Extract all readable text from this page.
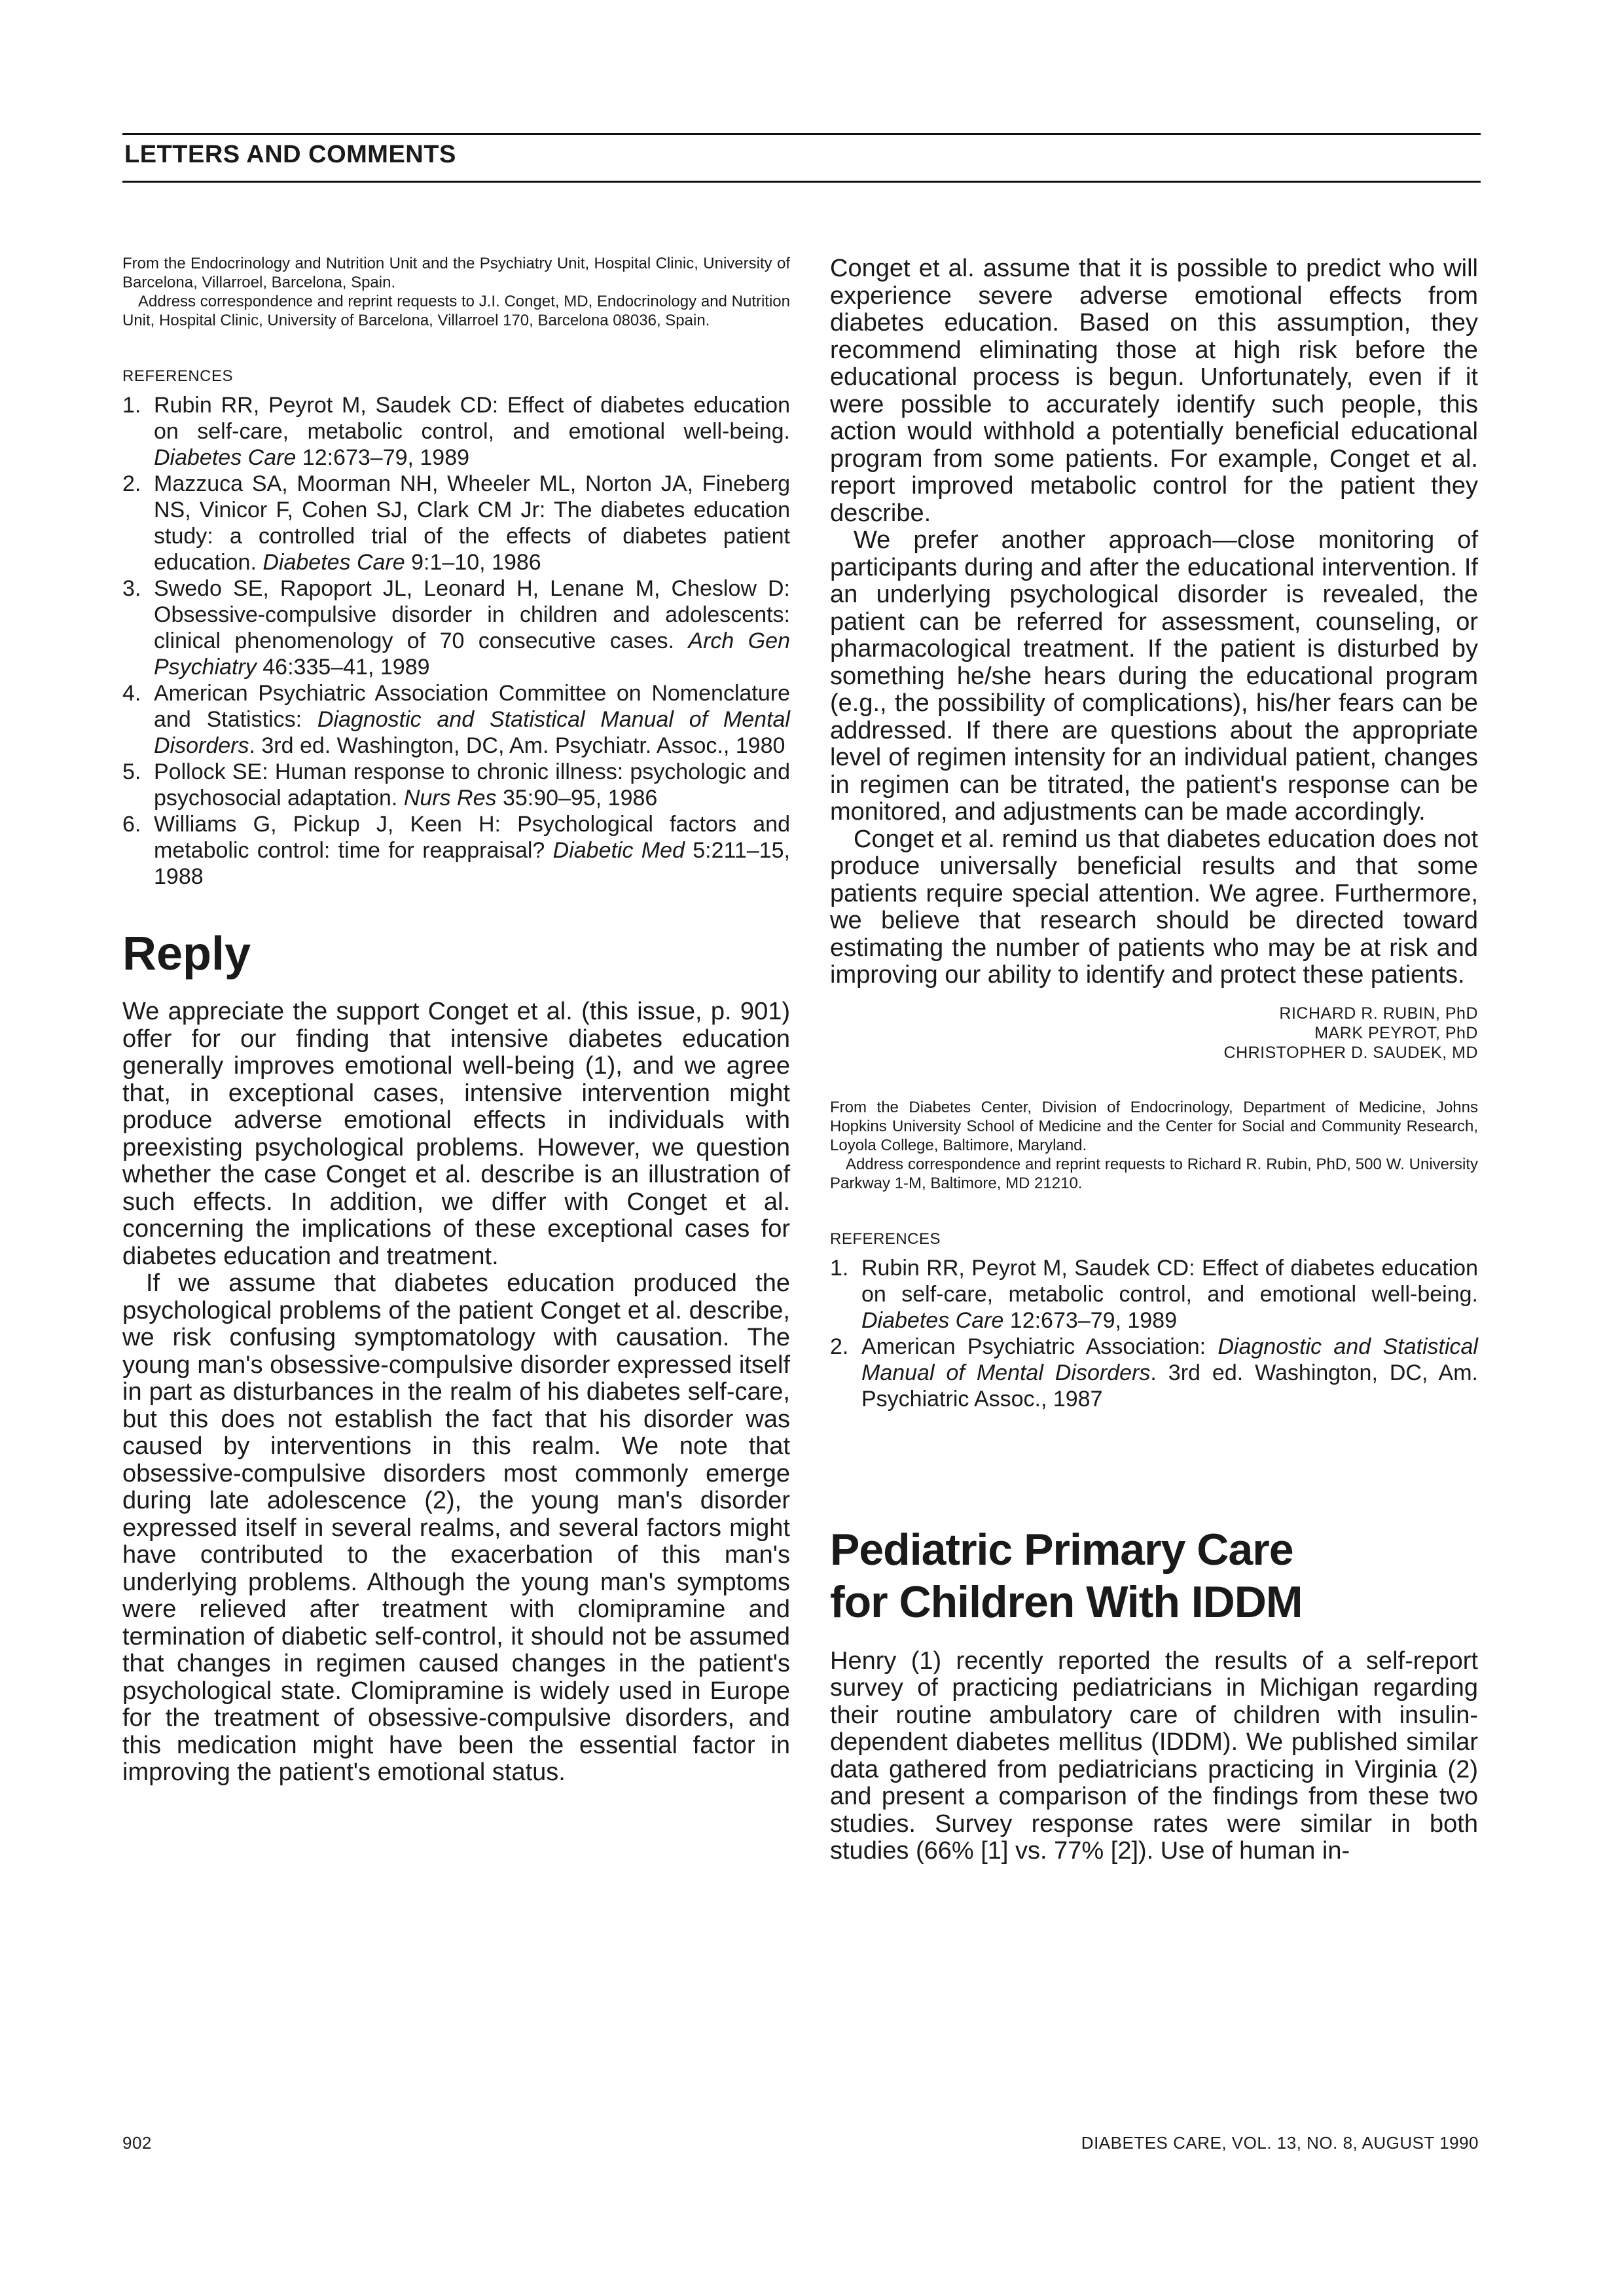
LETTERS AND COMMENTS

From the Endocrinology and Nutrition Unit and the Psychiatry Unit, Hospital Clinic, University of Barcelona, Villarroel, Barcelona, Spain.

Address correspondence and reprint requests to J.I. Conget, MD, Endocrinology and Nutrition Unit, Hospital Clinic, University of Barcelona, Villarroel 170, Barcelona 08036, Spain.

REFERENCES

1. Rubin RR, Peyrot M, Saudek CD: Effect of diabetes education on self-care, metabolic control, and emotional well-being. Diabetes Care 12:673–79, 1989
2. Mazzuca SA, Moorman NH, Wheeler ML, Norton JA, Fineberg NS, Vinicor F, Cohen SJ, Clark CM Jr: The diabetes education study: a controlled trial of the effects of diabetes patient education. Diabetes Care 9:1–10, 1986
3. Swedo SE, Rapoport JL, Leonard H, Lenane M, Cheslow D: Obsessive-compulsive disorder in children and adolescents: clinical phenomenology of 70 consecutive cases. Arch Gen Psychiatry 46:335–41, 1989
4. American Psychiatric Association Committee on Nomenclature and Statistics: Diagnostic and Statistical Manual of Mental Disorders. 3rd ed. Washington, DC, Am. Psychiatr. Assoc., 1980
5. Pollock SE: Human response to chronic illness: psychologic and psychosocial adaptation. Nurs Res 35:90–95, 1986
6. Williams G, Pickup J, Keen H: Psychological factors and metabolic control: time for reappraisal? Diabetic Med 5:211–15, 1988
Reply

We appreciate the support Conget et al. (this issue, p. 901) offer for our finding that intensive diabetes education generally improves emotional well-being (1), and we agree that, in exceptional cases, intensive intervention might produce adverse emotional effects in individuals with preexisting psychological problems. However, we question whether the case Conget et al. describe is an illustration of such effects. In addition, we differ with Conget et al. concerning the implications of these exceptional cases for diabetes education and treatment.

If we assume that diabetes education produced the psychological problems of the patient Conget et al. describe, we risk confusing symptomatology with causation. The young man's obsessive-compulsive disorder expressed itself in part as disturbances in the realm of his diabetes self-care, but this does not establish the fact that his disorder was caused by interventions in this realm. We note that obsessive-compulsive disorders most commonly emerge during late adolescence (2), the young man's disorder expressed itself in several realms, and several factors might have contributed to the exacerbation of this man's underlying problems. Although the young man's symptoms were relieved after treatment with clomipramine and termination of diabetic self-control, it should not be assumed that changes in regimen caused changes in the patient's psychological state. Clomipramine is widely used in Europe for the treatment of obsessive-compulsive disorders, and this medication might have been the essential factor in improving the patient's emotional status.

Conget et al. assume that it is possible to predict who will experience severe adverse emotional effects from diabetes education. Based on this assumption, they recommend eliminating those at high risk before the educational process is begun. Unfortunately, even if it were possible to accurately identify such people, this action would withhold a potentially beneficial educational program from some patients. For example, Conget et al. report improved metabolic control for the patient they describe.

We prefer another approach—close monitoring of participants during and after the educational intervention. If an underlying psychological disorder is revealed, the patient can be referred for assessment, counseling, or pharmacological treatment. If the patient is disturbed by something he/she hears during the educational program (e.g., the possibility of complications), his/her fears can be addressed. If there are questions about the appropriate level of regimen intensity for an individual patient, changes in regimen can be titrated, the patient's response can be monitored, and adjustments can be made accordingly.

Conget et al. remind us that diabetes education does not produce universally beneficial results and that some patients require special attention. We agree. Furthermore, we believe that research should be directed toward estimating the number of patients who may be at risk and improving our ability to identify and protect these patients.

RICHARD R. RUBIN, PhD

MARK PEYROT, PhD

CHRISTOPHER D. SAUDEK, MD

From the Diabetes Center, Division of Endocrinology, Department of Medicine, Johns Hopkins University School of Medicine and the Center for Social and Community Research, Loyola College, Baltimore, Maryland.

Address correspondence and reprint requests to Richard R. Rubin, PhD, 500 W. University Parkway 1-M, Baltimore, MD 21210.

REFERENCES

1. Rubin RR, Peyrot M, Saudek CD: Effect of diabetes education on self-care, metabolic control, and emotional well-being. Diabetes Care 12:673–79, 1989
2. American Psychiatric Association: Diagnostic and Statistical Manual of Mental Disorders. 3rd ed. Washington, DC, Am. Psychiatric Assoc., 1987

Pediatric Primary Care

for Children With IDDM

Henry (1) recently reported the results of a self-report survey of practicing pediatricians in Michigan regarding their routine ambulatory care of children with insulin-dependent diabetes mellitus (IDDM). We published similar data gathered from pediatricians practicing in Virginia (2) and present a comparison of the findings from these two studies. Survey response rates were similar in both studies (66% [1] vs. 77% [2]). Use of human in-

902	DIABETES CARE, VOL. 13, NO. 8, AUGUST 1990
